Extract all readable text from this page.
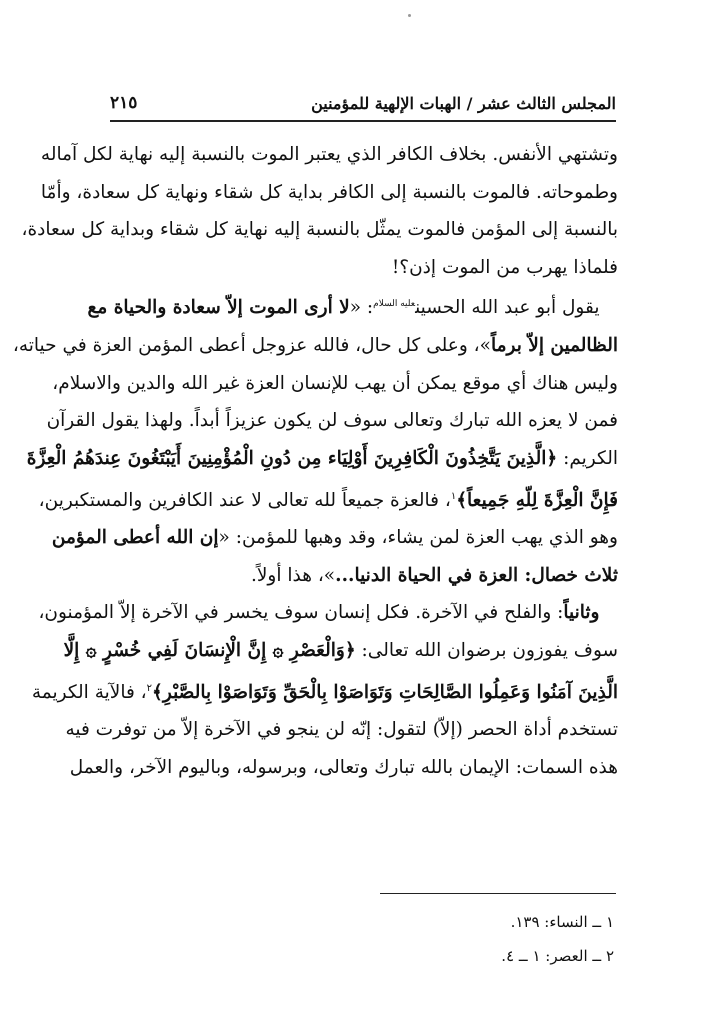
المجلس الثالث عشر / الهبات الإلهية للمؤمنين
٢١٥

وتشتهي الأنفس. بخلاف الكافر الذي يعتبر الموت بالنسبة إليه نهاية لكل آماله
وطموحاته. فالموت بالنسبة إلى الكافر بداية كل شقاء ونهاية كل سعادة، وأمّا
بالنسبة إلى المؤمن فالموت يمثّل بالنسبة إليه نهاية كل شقاء وبداية كل سعادة،
فلماذا يهرب من الموت إذن؟!

 يقول أبو عبد الله الحسين$^{عليه السلام}$: «لا أرى الموت إلاّ سعادة والحياة مع
الظالمين إلاّ برماً»، وعلى كل حال، فالله عزوجل أعطى المؤمن العزة في حياته،
وليس هناك أي موقع يمكن أن يهب للإنسان العزة غير الله والدين والاسلام،
فمن لا يعزه الله تبارك وتعالى سوف لن يكون عزيزاً أبداً. ولهذا يقول القرآن
الكريم: ﴿الَّذِينَ يَتَّخِذُونَ الْكَافِرِينَ أَوْلِيَاء مِن دُونِ الْمُؤْمِنِينَ أَيَبْتَغُونَ عِندَهُمُ الْعِزَّةَ
فَإِنَّ الْعِزَّةَ لِلّهِ جَمِيعاً﴾$^١$، فالعزة جميعاً لله تعالى لا عند الكافرين والمستكبرين،
وهو الذي يهب العزة لمن يشاء، وقد وهبها للمؤمن: «إن الله أعطى المؤمن
ثلاث خصال: العزة في الحياة الدنيا...»، هذا أولاً.

 وثانياً: والفلح في الآخرة. فكل إنسان سوف يخسر في الآخرة إلاّ المؤمنون،
سوف يفوزون برضوان الله تعالى: ﴿وَالْعَصْرِ ۞ إِنَّ الْإِنسَانَ لَفِي خُسْرٍ ۞ إِلَّا
الَّذِينَ آمَنُوا وَعَمِلُوا الصَّالِحَاتِ وَتَوَاصَوْا بِالْحَقِّ وَتَوَاصَوْا بِالصَّبْرِ﴾$^٢$، فالآية الكريمة
تستخدم أداة الحصر (إلاّ) لتقول: إنّه لن ينجو في الآخرة إلاّ من توفرت فيه
هذه السمات: الإيمان بالله تبارك وتعالى، وبرسوله، وباليوم الآخر، والعمل

١ ــ النساء: ١٣٩.
٢ ــ العصر: ١ ــ ٤.
